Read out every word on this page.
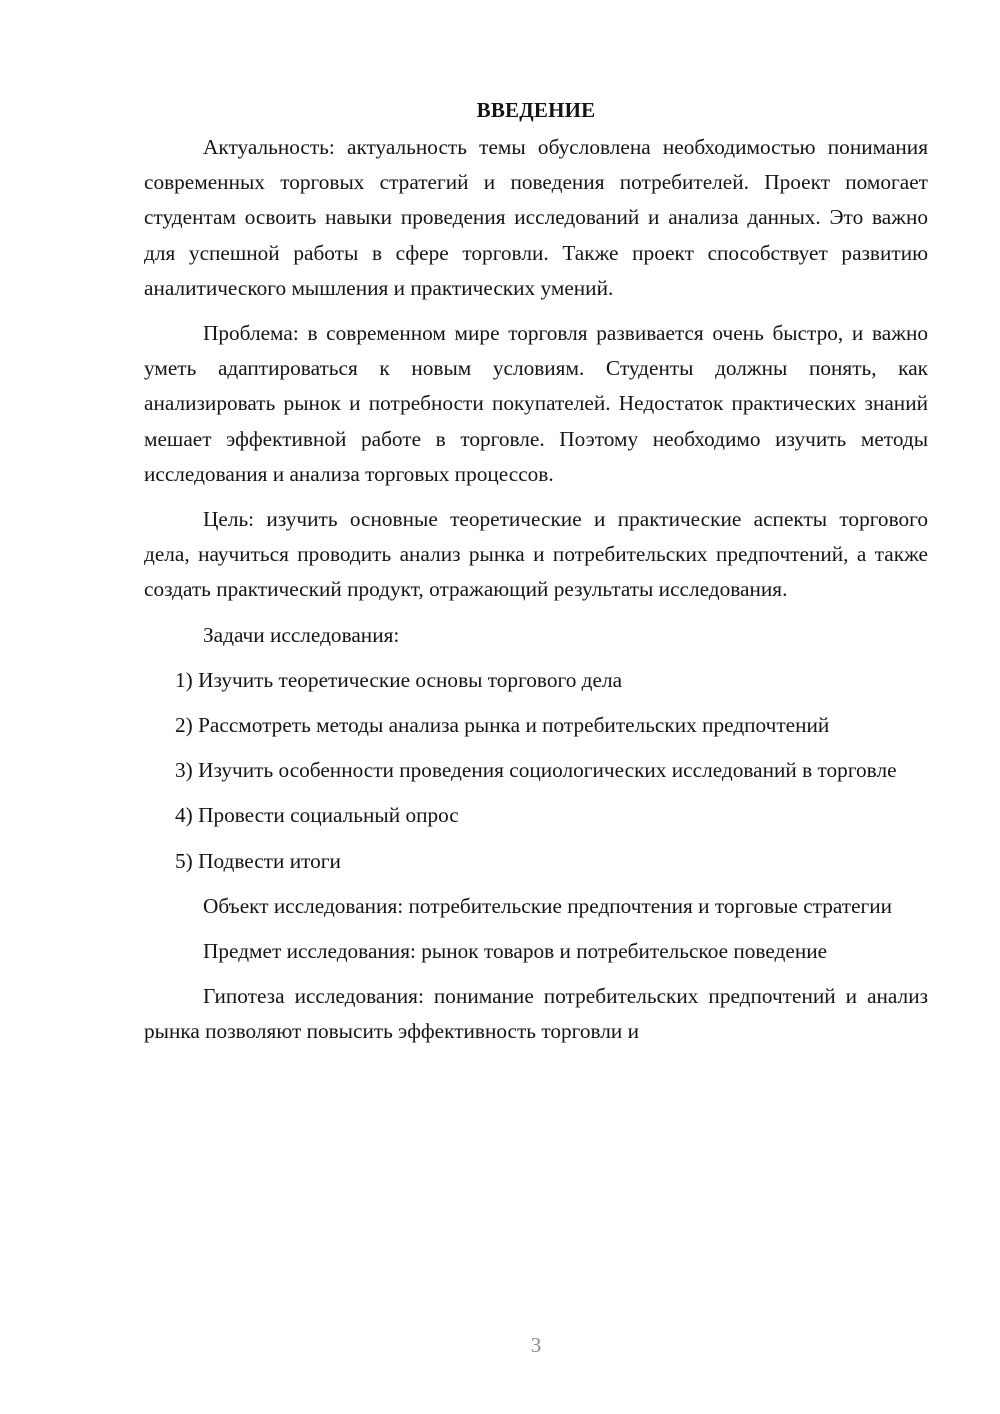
ВВЕДЕНИЕ

Актуальность: актуальность темы обусловлена необходимостью понимания современных торговых стратегий и поведения потребителей. Проект помогает студентам освоить навыки проведения исследований и анализа данных. Это важно для успешной работы в сфере торговли. Также проект способствует развитию аналитического мышления и практических умений.

Проблема: в современном мире торговля развивается очень быстро, и важно уметь адаптироваться к новым условиям. Студенты должны понять, как анализировать рынок и потребности покупателей. Недостаток практических знаний мешает эффективной работе в торговле. Поэтому необходимо изучить методы исследования и анализа торговых процессов.

Цель: изучить основные теоретические и практические аспекты торгового дела, научиться проводить анализ рынка и потребительских предпочтений, а также создать практический продукт, отражающий результаты исследования.

Задачи исследования:

1) Изучить теоретические основы торгового дела

2) Рассмотреть методы анализа рынка и потребительских предпочтений

3) Изучить особенности проведения социологических исследований в торговле

4) Провести социальный опрос

5) Подвести итоги

Объект исследования: потребительские предпочтения и торговые стратегии

Предмет исследования: рынок товаров и потребительское поведение

Гипотеза исследования: понимание потребительских предпочтений и анализ рынка позволяют повысить эффективность торговли и

3
